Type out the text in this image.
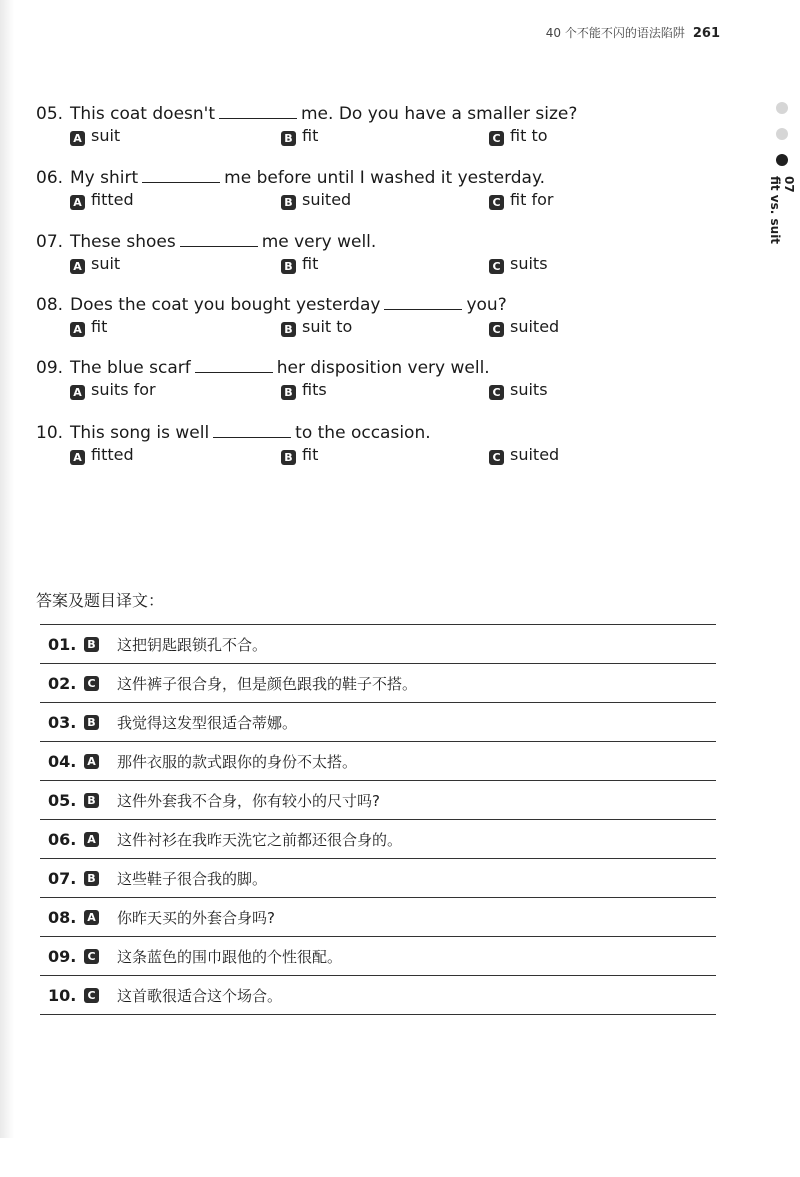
40 个不能不闪的语法陷阱 261
07
fit vs. suit
05. This coat doesn't	me. Do you have a smaller size?
A suit	B fit	C fit to
06. My shirt	me before until I washed it yesterday.
A fitted	B suited	C fit for
07. These shoes	me very well.
A suit	B fit	C suits
08. Does the coat you bought yesterday	you?
A fit	B suit to	C suited
09. The blue scarf	her disposition very well.
A suits for	B fits	C suits
10. This song is well	to the occasion.
A fitted	B fit	C suited
答案及题目译文：
01. B 这把钥匙跟锁孔不合。
02.	C 这件裤子很合身，但是颜色跟我的鞋子不搭。
03. B 我觉得这发型很适合蒂娜。
04. A 那件衣服的款式跟你的身份不太搭。
05. B 这件外套我不合身，你有较小的尺寸吗?
06. A 这件衬衫在我昨天洗它之前都还很合身的。
07. B 这些鞋子很合我的脚。
08. A 你昨天买的外套合身吗?
09.	C 这条蓝色的围巾跟他的个性很配。
10.	C 这首歌很适合这个场合。
